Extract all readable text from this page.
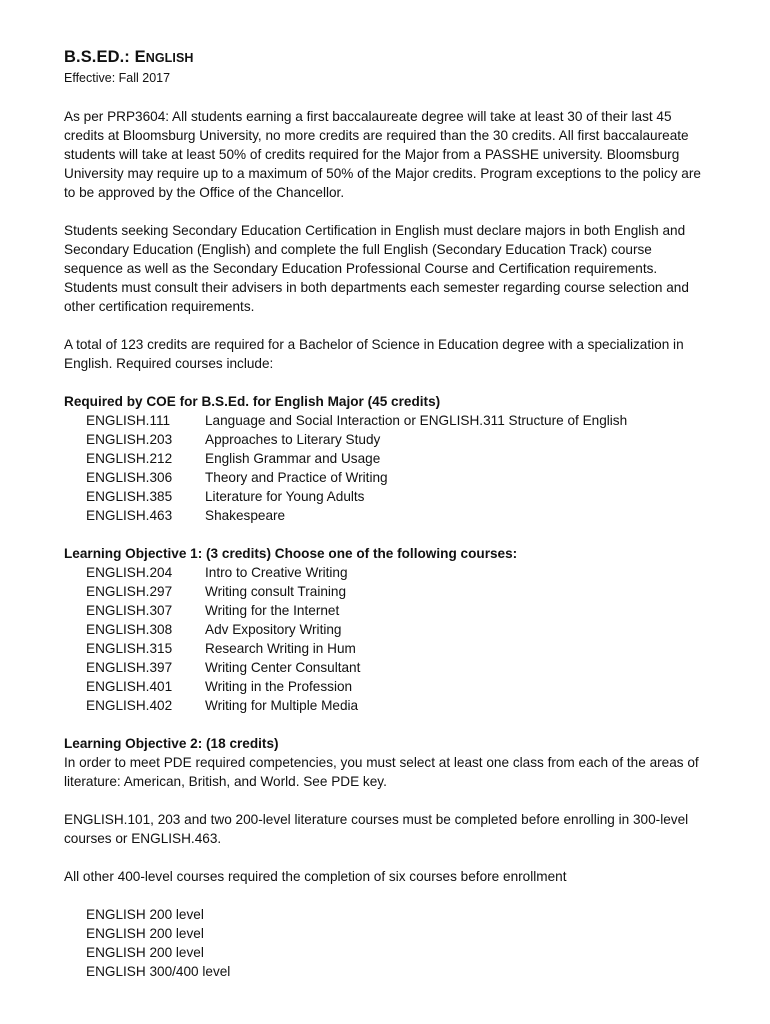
B.S.ED.: ENGLISH
Effective: Fall 2017

As per PRP3604: All students earning a first baccalaureate degree will take at least 30 of their last 45 credits at Bloomsburg University, no more credits are required than the 30 credits. All first baccalaureate students will take at least 50% of credits required for the Major from a PASSHE university. Bloomsburg University may require up to a maximum of 50% of the Major credits. Program exceptions to the policy are to be approved by the Office of the Chancellor.

Students seeking Secondary Education Certification in English must declare majors in both English and Secondary Education (English) and complete the full English (Secondary Education Track) course sequence as well as the Secondary Education Professional Course and Certification requirements. Students must consult their advisers in both departments each semester regarding course selection and other certification requirements.

A total of 123 credits are required for a Bachelor of Science in Education degree with a specialization in English. Required courses include:

Required by COE for B.S.Ed. for English Major (45 credits)
ENGLISH.111	Language and Social Interaction or ENGLISH.311 Structure of English
ENGLISH.203	Approaches to Literary Study
ENGLISH.212	English Grammar and Usage
ENGLISH.306	Theory and Practice of Writing
ENGLISH.385	Literature for Young Adults
ENGLISH.463	Shakespeare
Learning Objective 1: (3 credits) Choose one of the following courses:
ENGLISH.204	Intro to Creative Writing
ENGLISH.297	Writing consult Training
ENGLISH.307	Writing for the Internet
ENGLISH.308	Adv Expository Writing
ENGLISH.315	Research Writing in Hum
ENGLISH.397	Writing Center Consultant
ENGLISH.401	Writing in the Profession
ENGLISH.402	Writing for Multiple Media
Learning Objective 2: (18 credits)

In order to meet PDE required competencies, you must select at least one class from each of the areas of literature: American, British, and World. See PDE key.

ENGLISH.101, 203 and two 200-level literature courses must be completed before enrolling in 300-level courses or ENGLISH.463.

All other 400-level courses required the completion of six courses before enrollment

ENGLISH 200 level
ENGLISH 200 level
ENGLISH 200 level
ENGLISH 300/400 level
